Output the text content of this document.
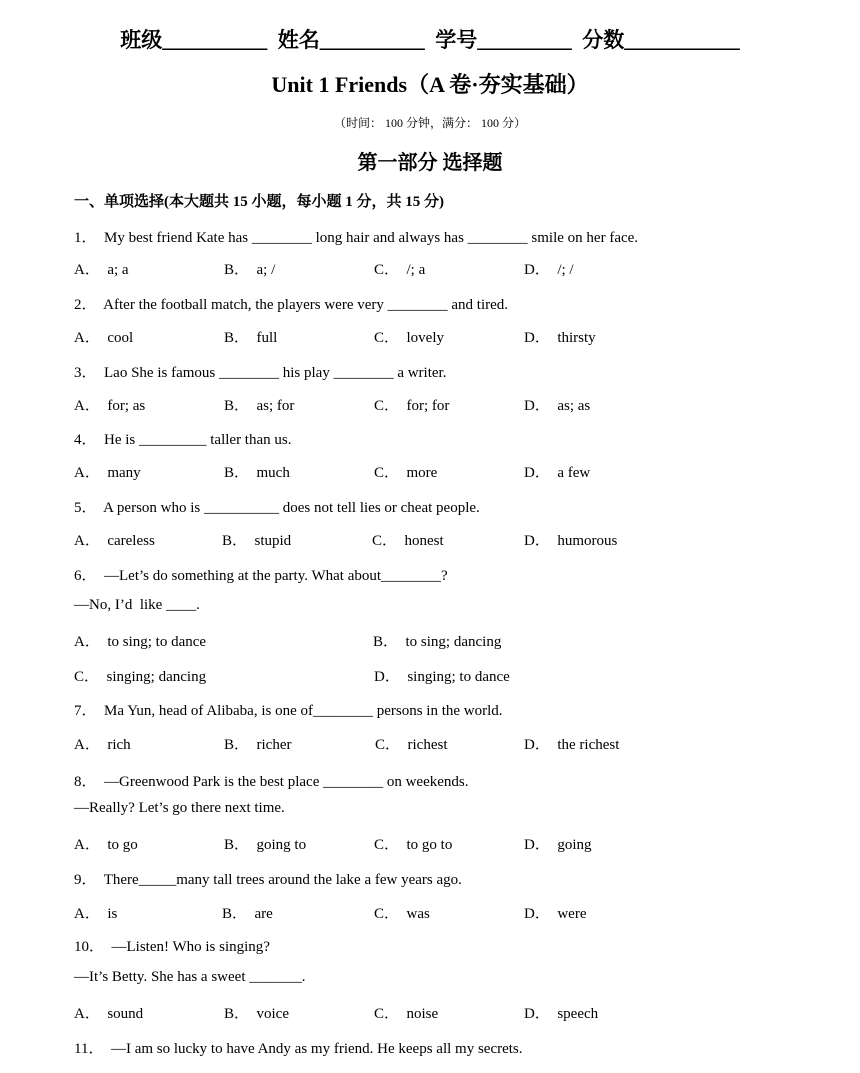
班级__________  姓名__________  学号_________  分数___________
Unit 1 Friends（A 卷·夯实基础）
（时间： 100 分钟，满分： 100 分）
第一部分 选择题
一、单项选择(本大题共 15 小题，每小题 1 分，共 15 分)
1．  My best friend Kate has ________ long hair and always has ________ smile on her face.
A．  a; a	B．  a; /	C．  /; a	D．  /; /
2．  After the football match, the players were very ________ and tired.
A．  cool	B．  full	C．  lovely	D．  thirsty
3．  Lao She is famous ________ his play ________ a writer.
A．  for; as	B．  as; for	C．  for; for	D．  as; as
4．  He is _________ taller than us.
A．  many	B．  much	C．  more	D．  a few
5．  A person who is __________ does not tell lies or cheat people.
A．  careless	B．  stupid	C．  honest	D．  humorous
6．  —Let’s do something at the party. What about________?
—No, I’d  like ____.
A．  to sing; to dance	B．  to sing; dancing
C．  singing; dancing	D．  singing; to dance
7．  Ma Yun, head of Alibaba, is one of________ persons in the world.
A．  rich	B．  richer	C．  richest	D．  the richest
8．  —Greenwood Park is the best place ________ on weekends.
—Really? Let’s go there next time.
A．  to go	B．  going to	C．  to go to	D．  going
9．  There_____many tall trees around the lake a few years ago.
A．  is	B．  are	C．  was	D．  were
10．  —Listen! Who is singing?
—It’s Betty. She has a sweet _______.
A．  sound	B．  voice	C．  noise	D．  speech
11．  —I am so lucky to have Andy as my friend. He keeps all my secrets.
